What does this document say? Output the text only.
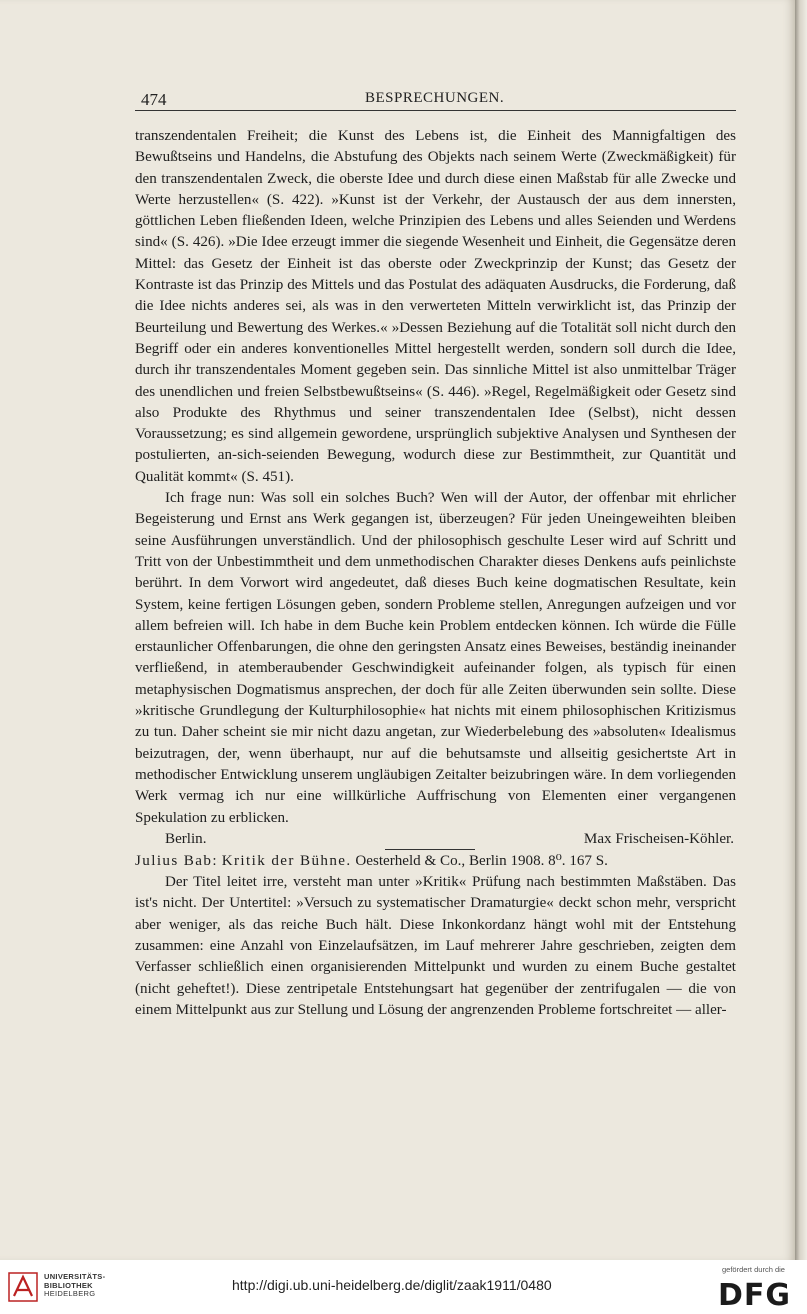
474	BESPRECHUNGEN.

transzendentalen Freiheit; die Kunst des Lebens ist, die Einheit des Mannigfaltigen des Bewußtseins und Handelns, die Abstufung des Objekts nach seinem Werte (Zweckmäßigkeit) für den transzendentalen Zweck, die oberste Idee und durch diese einen Maßstab für alle Zwecke und Werte herzustellen« (S. 422). »Kunst ist der Verkehr, der Austausch der aus dem innersten, göttlichen Leben fließenden Ideen, welche Prinzipien des Lebens und alles Seienden und Werdens sind« (S. 426). »Die Idee erzeugt immer die siegende Wesenheit und Einheit, die Gegensätze deren Mittel: das Gesetz der Einheit ist das oberste oder Zweckprinzip der Kunst; das Gesetz der Kontraste ist das Prinzip des Mittels und das Postulat des adäquaten Ausdrucks, die Forderung, daß die Idee nichts anderes sei, als was in den verwerteten Mitteln verwirklicht ist, das Prinzip der Beurteilung und Bewertung des Werkes.« »Dessen Beziehung auf die Totalität soll nicht durch den Begriff oder ein anderes konventionelles Mittel hergestellt werden, sondern soll durch die Idee, durch ihr transzendentales Moment gegeben sein. Das sinnliche Mittel ist also unmittelbar Träger des unendlichen und freien Selbstbewußtseins« (S. 446). »Regel, Regelmäßigkeit oder Gesetz sind also Produkte des Rhythmus und seiner transzendentalen Idee (Selbst), nicht dessen Voraussetzung; es sind allgemein gewordene, ursprünglich subjektive Analysen und Synthesen der postulierten, an-sich-seienden Bewegung, wodurch diese zur Bestimmtheit, zur Quantität und Qualität kommt« (S. 451).

Ich frage nun: Was soll ein solches Buch? Wen will der Autor, der offenbar mit ehrlicher Begeisterung und Ernst ans Werk gegangen ist, überzeugen? Für jeden Uneingeweihten bleiben seine Ausführungen unverständlich. Und der philosophisch geschulte Leser wird auf Schritt und Tritt von der Unbestimmtheit und dem unmethodischen Charakter dieses Denkens aufs peinlichste berührt. In dem Vorwort wird angedeutet, daß dieses Buch keine dogmatischen Resultate, kein System, keine fertigen Lösungen geben, sondern Probleme stellen, Anregungen aufzeigen und vor allem befreien will. Ich habe in dem Buche kein Problem entdecken können. Ich würde die Fülle erstaunlicher Offenbarungen, die ohne den geringsten Ansatz eines Beweises, beständig ineinander verfließend, in atemberaubender Geschwindigkeit aufeinander folgen, als typisch für einen metaphysischen Dogmatismus ansprechen, der doch für alle Zeiten überwunden sein sollte. Diese »kritische Grundlegung der Kulturphilosophie« hat nichts mit einem philosophischen Kritizismus zu tun. Daher scheint sie mir nicht dazu angetan, zur Wiederbelebung des »absoluten« Idealismus beizutragen, der, wenn überhaupt, nur auf die behutsamste und allseitig gesichertste Art in methodischer Entwicklung unserem ungläubigen Zeitalter beizubringen wäre. In dem vorliegenden Werk vermag ich nur eine willkürliche Auffrischung von Elementen einer vergangenen Spekulation zu erblicken.

Berlin.	Max Frischeisen-Köhler.

Julius Bab: Kritik der Bühne. Oesterheld & Co., Berlin 1908. 8⁰. 167 S.

Der Titel leitet irre, versteht man unter »Kritik« Prüfung nach bestimmten Maßstäben. Das ist's nicht. Der Untertitel: »Versuch zu systematischer Dramaturgie« deckt schon mehr, verspricht aber weniger, als das reiche Buch hält. Diese Inkonkordanz hängt wohl mit der Entstehung zusammen: eine Anzahl von Einzelaufsätzen, im Lauf mehrerer Jahre geschrieben, zeigten dem Verfasser schließlich einen organisierenden Mittelpunkt und wurden zu einem Buche gestaltet (nicht geheftet!). Diese zentripetale Entstehungsart hat gegenüber der zentrifugalen — die von einem Mittelpunkt aus zur Stellung und Lösung der angrenzenden Probleme fortschreitet — aller-

UNIVERSITÄTS-
BIBLIOTHEK
HEIDELBERG
http://digi.ub.uni-heidelberg.de/diglit/zaak1911/0480
gefördert durch die
DFG
